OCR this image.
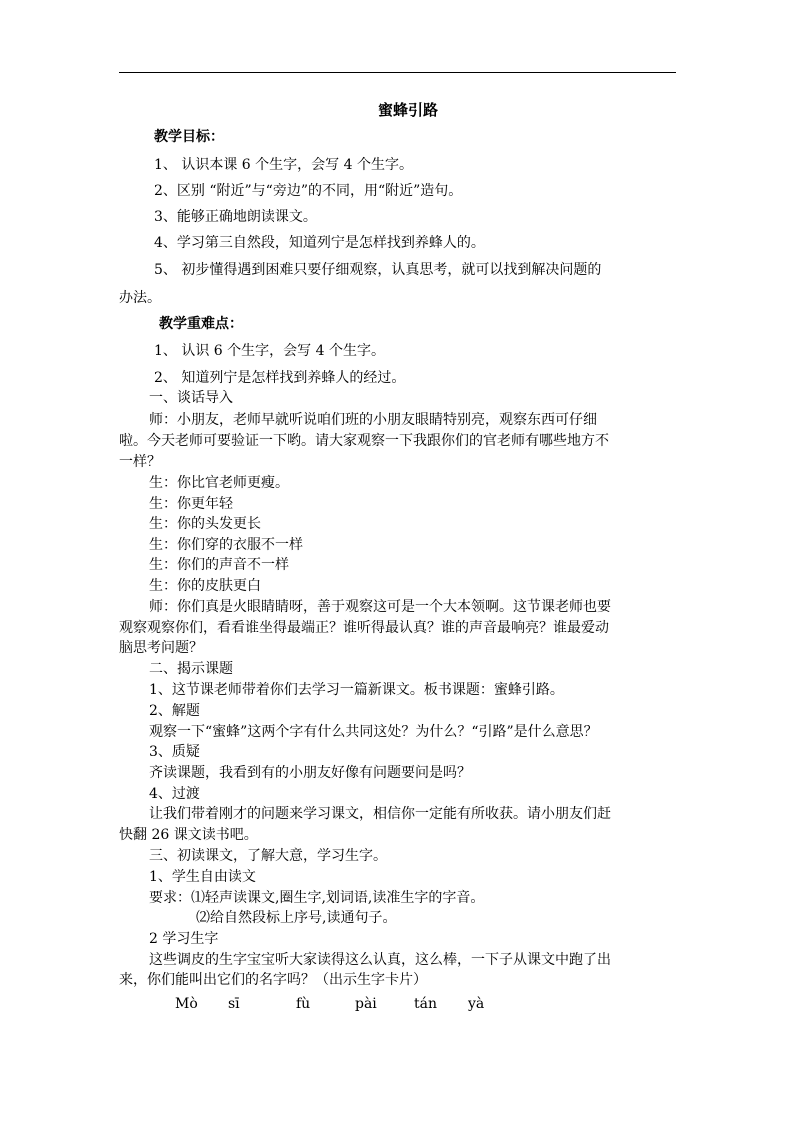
蜜蜂引路
教学目标：
1、 认识本课 6 个生字，会写 4 个生字。
2、区别 “附近”与“旁边”的不同，用“附近”造句。
3、能够正确地朗读课文。
4、学习第三自然段，知道列宁是怎样找到养蜂人的。
5、 初步懂得遇到困难只要仔细观察，认真思考，就可以找到解决问题的
办法。
教学重难点：
1、 认识 6 个生字，会写 4 个生字。
2、 知道列宁是怎样找到养蜂人的经过。
一、谈话导入
师：小朋友，老师早就听说咱们班的小朋友眼睛特别亮，观察东西可仔细
啦。今天老师可要验证一下哟。请大家观察一下我跟你们的官老师有哪些地方不
一样？
生：你比官老师更瘦。
生：你更年轻
生：你的头发更长
生：你们穿的衣服不一样
生：你们的声音不一样
生：你的皮肤更白
师：你们真是火眼睛睛呀，善于观察这可是一个大本领啊。这节课老师也要
观察观察你们，看看谁坐得最端正？谁听得最认真？谁的声音最响亮？谁最爱动
脑思考问题？
二、揭示课题
1、这节课老师带着你们去学习一篇新课文。板书课题：蜜蜂引路。
2、解题
观察一下“蜜蜂”这两个字有什么共同这处？为什么？“引路”是什么意思？
3、质疑
齐读课题，我看到有的小朋友好像有问题要问是吗？
4、过渡
让我们带着刚才的问题来学习课文，相信你一定能有所收获。请小朋友们赶
快翻 26 课文读书吧。
三、初读课文，了解大意，学习生字。
1、学生自由读文
要求：⑴轻声读课文,圈生字,划词语,读准生字的字音。
⑵给自然段标上序号,读通句子。
2 学习生字
这些调皮的生字宝宝听大家读得这么认真，这么棒，一下子从课文中跑了出
来，你们能叫出它们的名字吗？（出示生字卡片）
Mò sī	fù	pài	tán yà
